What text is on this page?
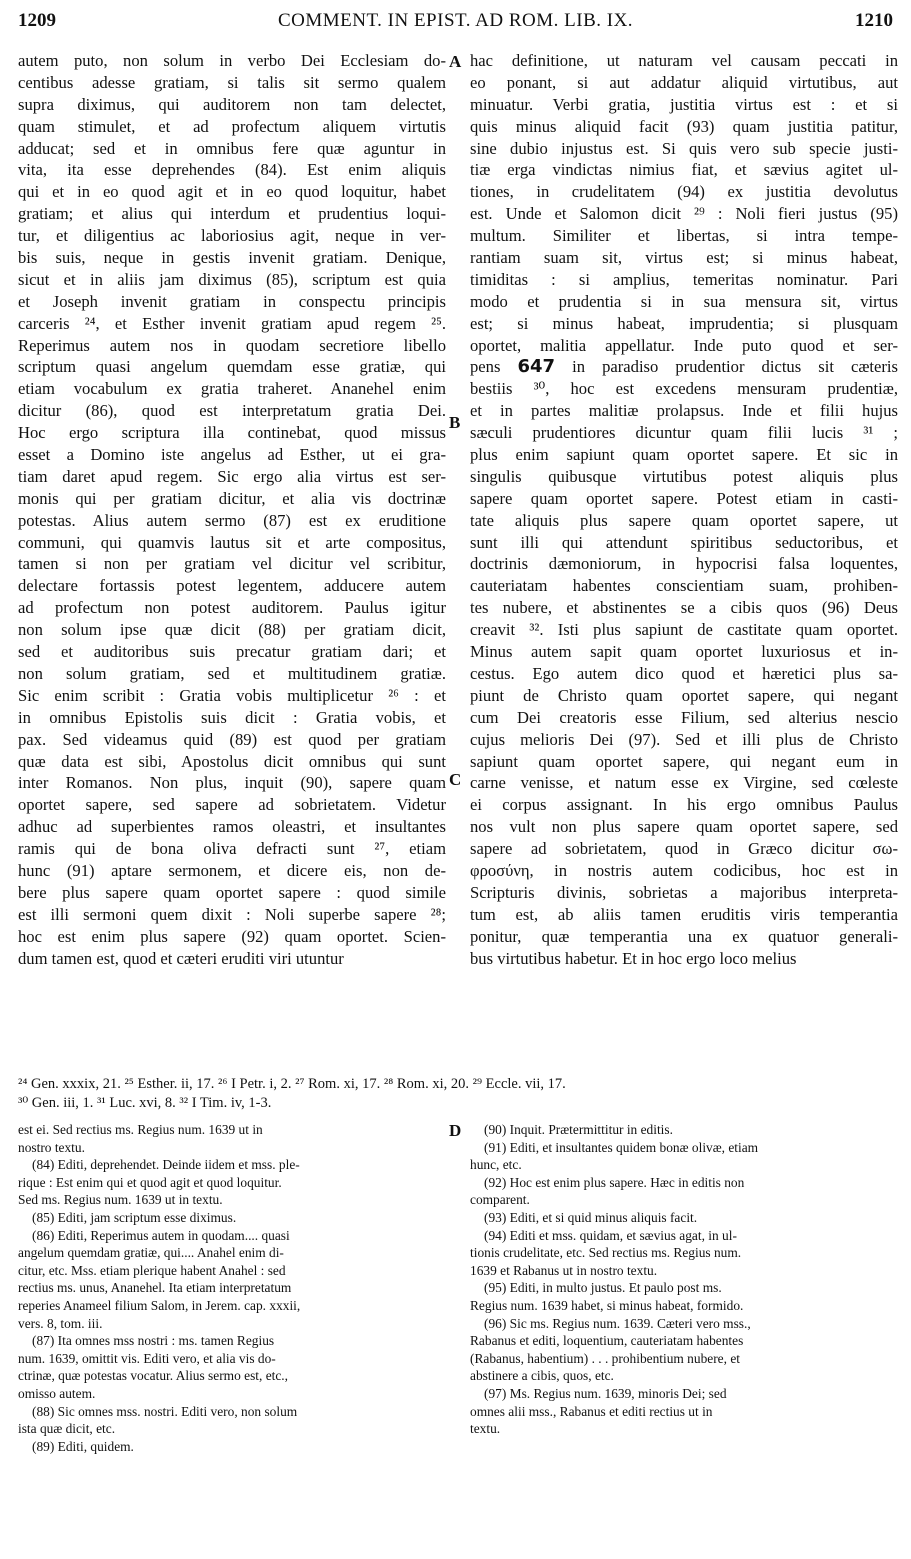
1209	COMMENT. IN EPIST. AD ROM. LIB. IX.	1210
autem puto, non solum in verbo Dei Ecclesiam do-
centibus adesse gratiam, si talis sit sermo qualem
supra diximus, qui auditorem non tam delectet,
quam stimulet, et ad profectum aliquem virtutis
adducat; sed et in omnibus fere quæ aguntur in
vita, ita esse deprehendes (84). Est enim aliquis
qui et in eo quod agit et in eo quod loquitur, habet
gratiam; et alius qui interdum et prudentius loqui-
tur, et diligentius ac laboriosius agit, neque in ver-
bis suis, neque in gestis invenit gratiam. Denique,
sicut et in aliis jam diximus (85), scriptum est quia
et Joseph invenit gratiam in conspectu principis
carceris ²⁴, et Esther invenit gratiam apud regem ²⁵.
Reperimus autem nos in quodam secretiore libello
scriptum quasi angelum quemdam esse gratiæ, qui
etiam vocabulum ex gratia traheret. Ananehel enim
dicitur (86), quod est interpretatum gratia Dei.
Hoc ergo scriptura illa continebat, quod missus
esset a Domino iste angelus ad Esther, ut ei gra-
tiam daret apud regem. Sic ergo alia virtus est ser-
monis qui per gratiam dicitur, et alia vis doctrinæ
potestas. Alius autem sermo (87) est ex eruditione
communi, qui quamvis lautus sit et arte compositus,
tamen si non per gratiam vel dicitur vel scribitur,
delectare fortassis potest legentem, adducere autem
ad profectum non potest auditorem. Paulus igitur
non solum ipse quæ dicit (88) per gratiam dicit,
sed et auditoribus suis precatur gratiam dari; et
non solum gratiam, sed et multitudinem gratiæ.
Sic enim scribit : Gratia vobis multiplicetur ²⁶ : et
in omnibus Epistolis suis dicit : Gratia vobis, et
pax. Sed videamus quid (89) est quod per gratiam
quæ data est sibi, Apostolus dicit omnibus qui sunt
inter Romanos. Non plus, inquit (90), sapere quam
oportet sapere, sed sapere ad sobrietatem. Videtur
adhuc ad superbientes ramos oleastri, et insultantes
ramis qui de bona oliva defracti sunt ²⁷, etiam
hunc (91) aptare sermonem, et dicere eis, non de-
bere plus sapere quam oportet sapere : quod simile
est illi sermoni quem dixit : Noli superbe sapere ²⁸;
hoc est enim plus sapere (92) quam oportet. Scien-
dum tamen est, quod et cæteri eruditi viri utuntur
hac definitione, ut naturam vel causam peccati in
eo ponant, si aut addatur aliquid virtutibus, aut
minuatur. Verbi gratia, justitia virtus est : et si
quis minus aliquid facit (93) quam justitia patitur,
sine dubio injustus est. Si quis vero sub specie justi-
tiæ erga vindictas nimius fiat, et sævius agitet ul-
tiones, in crudelitatem (94) ex justitia devolutus
est. Unde et Salomon dicit ²⁹ : Noli fieri justus (95)
multum. Similiter et libertas, si intra tempe-
rantiam suam sit, virtus est; si minus habeat,
timiditas : si amplius, temeritas nominatur. Pari
modo et prudentia si in sua mensura sit, virtus
est; si minus habeat, imprudentia; si plusquam
oportet, malitia appellatur. Inde puto quod et ser-
pens 647 in paradiso prudentior dictus sit cæteris
bestiis ³⁰, hoc est excedens mensuram prudentiæ,
et in partes malitiæ prolapsus. Inde et filii hujus
sæculi prudentiores dicuntur quam filii lucis ³¹ ;
plus enim sapiunt quam oportet sapere. Et sic in
singulis quibusque virtutibus potest aliquis plus
sapere quam oportet sapere. Potest etiam in casti-
tate aliquis plus sapere quam oportet sapere, ut
sunt illi qui attendunt spiritibus seductoribus, et
doctrinis dæmoniorum, in hypocrisi falsa loquentes,
cauteriatam habentes conscientiam suam, prohiben-
tes nubere, et abstinentes se a cibis quos (96) Deus
creavit ³². Isti plus sapiunt de castitate quam oportet.
Minus autem sapit quam oportet luxuriosus et in-
cestus. Ego autem dico quod et hæretici plus sa-
piunt de Christo quam oportet sapere, qui negant
cum Dei creatoris esse Filium, sed alterius nescio
cujus melioris Dei (97). Sed et illi plus de Christo
sapiunt quam oportet sapere, qui negant eum in
carne venisse, et natum esse ex Virgine, sed cœleste
ei corpus assignant. In his ergo omnibus Paulus
nos vult non plus sapere quam oportet sapere, sed
sapere ad sobrietatem, quod in Græco dicitur σω-
φροσύνη, in nostris autem codicibus, hoc est in
Scripturis divinis, sobrietas a majoribus interpreta-
tum est, ab aliis tamen eruditis viris temperantia
ponitur, quæ temperantia una ex quatuor generali-
bus virtutibus habetur. Et in hoc ergo loco melius
A
B
C
D
²⁴ Gen. xxxix, 21. ²⁵ Esther. ii, 17. ²⁶ I Petr. i, 2. ²⁷ Rom. xi, 17. ²⁸ Rom. xi, 20. ²⁹ Eccle. vii, 17.
³⁰ Gen. iii, 1. ³¹ Luc. xvi, 8. ³² I Tim. iv, 1-3.
est ei. Sed rectius ms. Regius num. 1639 ut in
nostro textu.
(84) Editi, deprehendet. Deinde iidem et mss. ple-
rique : Est enim qui et quod agit et quod loquitur.
Sed ms. Regius num. 1639 ut in textu.
(85) Editi, jam scriptum esse diximus.
(86) Editi, Reperimus autem in quodam.... quasi
angelum quemdam gratiæ, qui.... Anahel enim di-
citur, etc. Mss. etiam plerique habent Anahel : sed
rectius ms. unus, Ananehel. Ita etiam interpretatum
reperies Anameel filium Salom, in Jerem. cap. xxxii,
vers. 8, tom. iii.
(87) Ita omnes mss nostri : ms. tamen Regius
num. 1639, omittit vis. Editi vero, et alia vis do-
ctrinæ, quæ potestas vocatur. Alius sermo est, etc.,
omisso autem.
(88) Sic omnes mss. nostri. Editi vero, non solum
ista quæ dicit, etc.
(89) Editi, quidem.
(90) Inquit. Prætermittitur in editis.
(91) Editi, et insultantes quidem bonæ olivæ, etiam
hunc, etc.
(92) Hoc est enim plus sapere. Hæc in editis non
comparent.
(93) Editi, et si quid minus aliquis facit.
(94) Editi et mss. quidam, et sævius agat, in ul-
tionis crudelitate, etc. Sed rectius ms. Regius num.
1639 et Rabanus ut in nostro textu.
(95) Editi, in multo justus. Et paulo post ms.
Regius num. 1639 habet, si minus habeat, formido.
(96) Sic ms. Regius num. 1639. Cæteri vero mss.,
Rabanus et editi, loquentium, cauteriatam habentes
(Rabanus, habentium) . . . prohibentium nubere, et
abstinere a cibis, quos, etc.
(97) Ms. Regius num. 1639, minoris Dei; sed
omnes alii mss., Rabanus et editi rectius ut in
textu.
